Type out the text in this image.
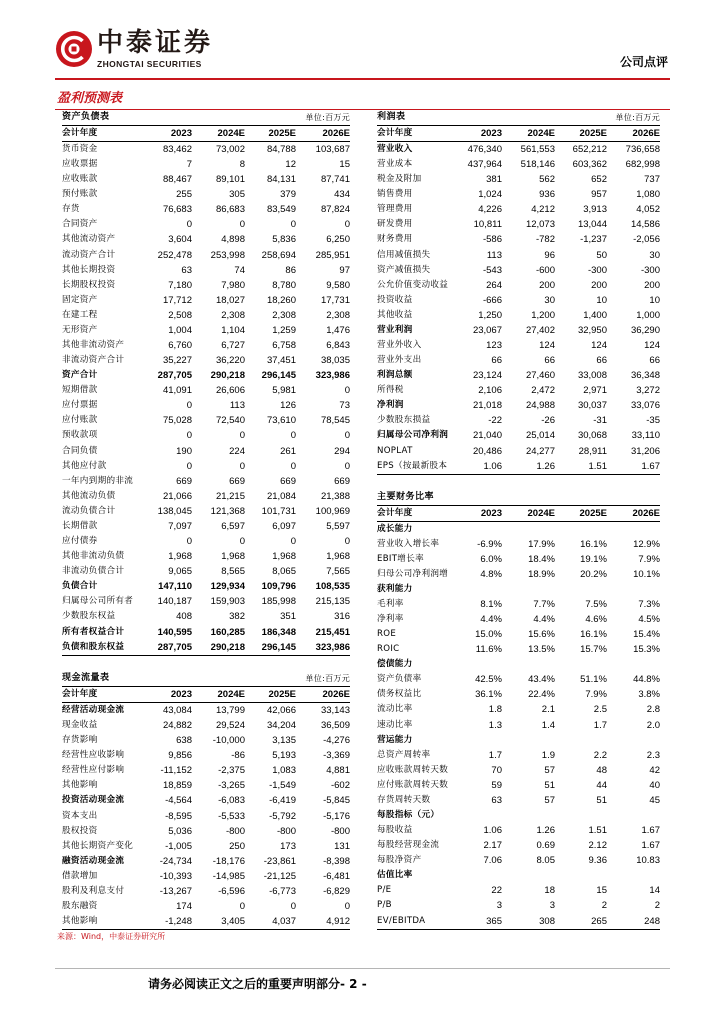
中泰证券
ZHONGTAI SECURITIES	公司点评
盈利预测表
资产负债表	单位:百万元
会计年度	2023	2024E	2025E	2026E
货币资金	83,462	73,002	84,788	103,687
应收票据	7	8	12	15
应收账款	88,467	89,101	84,131	87,741
预付账款	255	305	379	434
存货	76,683	86,683	83,549	87,824
合同资产	0	0	0	0
其他流动资产	3,604	4,898	5,836	6,250
流动资产合计	252,478	253,998	258,694	285,951
其他长期投资	63	74	86	97
长期股权投资	7,180	7,980	8,780	9,580
固定资产	17,712	18,027	18,260	17,731
在建工程	2,508	2,308	2,308	2,308
无形资产	1,004	1,104	1,259	1,476
其他非流动资产	6,760	6,727	6,758	6,843
非流动资产合计	35,227	36,220	37,451	38,035
资产合计	287,705	290,218	296,145	323,986
短期借款	41,091	26,606	5,981	0
应付票据	0	113	126	73
应付账款	75,028	72,540	73,610	78,545
预收款项	0	0	0	0
合同负债	190	224	261	294
其他应付款	0	0	0	0
一年内到期的非流	669	669	669	669
其他流动负债	21,066	21,215	21,084	21,388
流动负债合计	138,045	121,368	101,731	100,969
长期借款	7,097	6,597	6,097	5,597
应付债券	0	0	0	0
其他非流动负债	1,968	1,968	1,968	1,968
非流动负债合计	9,065	8,565	8,065	7,565
负债合计	147,110	129,934	109,796	108,535
归属母公司所有者	140,187	159,903	185,998	215,135
少数股东权益	408	382	351	316
所有者权益合计	140,595	160,285	186,348	215,451
负债和股东权益	287,705	290,218	296,145	323,986
利润表	单位:百万元
会计年度	2023	2024E	2025E	2026E
营业收入	476,340	561,553	652,212	736,658
营业成本	437,964	518,146	603,362	682,998
税金及附加	381	562	652	737
销售费用	1,024	936	957	1,080
管理费用	4,226	4,212	3,913	4,052
研发费用	10,811	12,073	13,044	14,586
财务费用	-586	-782	-1,237	-2,056
信用减值损失	113	96	50	30
资产减值损失	-543	-600	-300	-300
公允价值变动收益	264	200	200	200
投资收益	-666	30	10	10
其他收益	1,250	1,200	1,400	1,000
营业利润	23,067	27,402	32,950	36,290
营业外收入	123	124	124	124
营业外支出	66	66	66	66
利润总额	23,124	27,460	33,008	36,348
所得税	2,106	2,472	2,971	3,272
净利润	21,018	24,988	30,037	33,076
少数股东损益	-22	-26	-31	-35
归属母公司净利润	21,040	25,014	30,068	33,110
NOPLAT	20,486	24,277	28,911	31,206
EPS（按最新股本	1.06	1.26	1.51	1.67
主要财务比率
会计年度	2023	2024E	2025E	2026E
成长能力
营业收入增长率	-6.9%	17.9%	16.1%	12.9%
EBIT增长率	6.0%	18.4%	19.1%	7.9%
归母公司净利润增	4.8%	18.9%	20.2%	10.1%
获利能力
毛利率	8.1%	7.7%	7.5%	7.3%
净利率	4.4%	4.4%	4.6%	4.5%
ROE	15.0%	15.6%	16.1%	15.4%
ROIC	11.6%	13.5%	15.7%	15.3%
偿债能力
资产负债率	42.5%	43.4%	51.1%	44.8%
债务权益比	36.1%	22.4%	7.9%	3.8%
流动比率	1.8	2.1	2.5	2.8
速动比率	1.3	1.4	1.7	2.0
营运能力
总资产周转率	1.7	1.9	2.2	2.3
应收账款周转天数	70	57	48	42
应付账款周转天数	59	51	44	40
存货周转天数	63	57	51	45
每股指标（元）
每股收益	1.06	1.26	1.51	1.67
每股经营现金流	2.17	0.69	2.12	1.67
每股净资产	7.06	8.05	9.36	10.83
估值比率
P/E	22	18	15	14
P/B	3	3	2	2
EV/EBITDA	365	308	265	248
现金流量表	单位:百万元
会计年度	2023	2024E	2025E	2026E
经营活动现金流	43,084	13,799	42,066	33,143
现金收益	24,882	29,524	34,204	36,509
存货影响	638	-10,000	3,135	-4,276
经营性应收影响	9,856	-86	5,193	-3,369
经营性应付影响	-11,152	-2,375	1,083	4,881
其他影响	18,859	-3,265	-1,549	-602
投资活动现金流	-4,564	-6,083	-6,419	-5,845
资本支出	-8,595	-5,533	-5,792	-5,176
股权投资	5,036	-800	-800	-800
其他长期资产变化	-1,005	250	173	131
融资活动现金流	-24,734	-18,176	-23,861	-8,398
借款增加	-10,393	-14,985	-21,125	-6,481
股利及利息支付	-13,267	-6,596	-6,773	-6,829
股东融资	174	0	0	0
其他影响	-1,248	3,405	4,037	4,912
来源：Wind，中泰证券研究所
请务必阅读正文之后的重要声明部分- 2 -
